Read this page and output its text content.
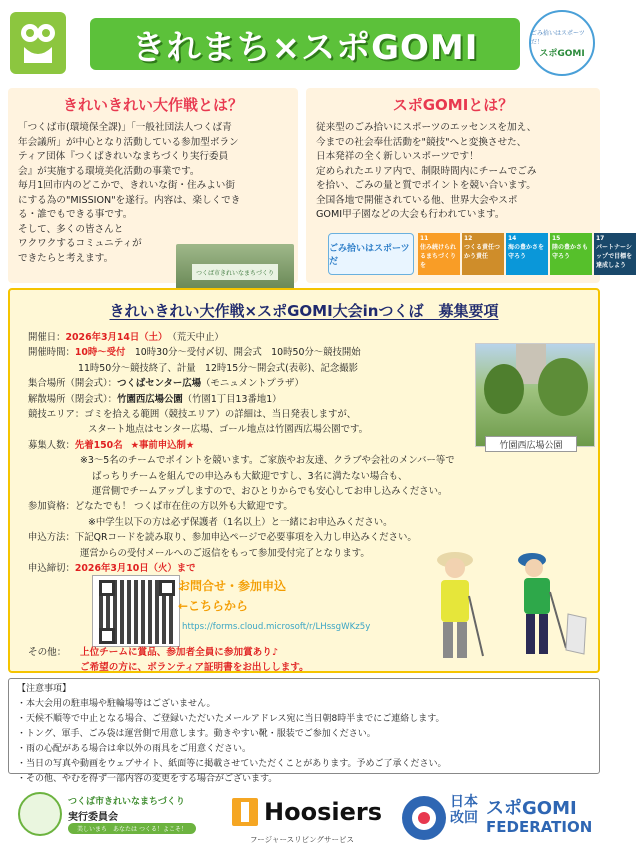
きれまち×スポGOMI	ごみ拾いはスポーツだ！
スポGOMI
きれいきれい大作戦とは？

「つくば市(環境保全課)」「一般社団法人つくば青
年会議所」が中心となり活動している参加型ボラン
ティア団体『つくばきれいなまちづくり実行委員
会』が実施する環境美化活動の事業です。
毎月1回市内のどこかで、きれいな街・住みよい街
にする為の"MISSION"を遂行。内容は、楽しくでき
る・誰でもできる事です。
そして、多くの皆さんと
ワクワクするコミュニティが
できたらと考えます。

つくば市きれいなまちづくり
スポGOMIとは？

従来型のごみ拾いにスポーツのエッセンスを加え、
今までの社会奉仕活動を"競技"へと変換させた、
日本発祥の全く新しいスポーツです！
定められたエリア内で、制限時間内にチームでごみ
を拾い、ごみの量と質でポイントを競い合います。
全国各地で開催されている他、世界大会やスポ
GOMI甲子園などの大会も行われています。

ごみ拾いはスポーツだ
11
住み続けられるまちづくりを
12
つくる責任つかう責任
14
海の豊かさを守ろう
15
陸の豊かさも守ろう
17
パートナーシップで目標を達成しよう
きれいきれい大作戦×スポGOMI大会inつくば　募集要項
竹園西広場公園
開催日： 2026年3月14日（土） （荒天中止）
開催時間： 10時～受付 　10時30分～受付〆切、開会式　10時50分～競技開始
11時50分～競技終了、計量　12時15分～開会式(表彰)、記念撮影
集合場所（開会式）： つくばセンター広場 （モニュメントプラザ）
解散場所（閉会式）： 竹園西広場公園 （竹園1丁目13番地1）
競技エリア： ゴミを拾える範囲（競技エリア）の詳細は、当日発表しますが、
スタート地点はセンター広場、ゴール地点は竹園西広場公園です。
募集人数： 先着150名 ★事前申込制★
※3～5名のチームでポイントを競います。ご家族やお友達、クラブや会社のメンバー等で
ばっちりチームを組んでの申込みも大歓迎ですし、3名に満たない場合も、
運営側でチームアップしますので、おひとりからでも安心してお申し込みください。
参加資格： どなたでも！ つくば市在住の方以外も大歓迎です。
※中学生以下の方は必ず保護者（1名以上）と一緒にお申込みください。
申込方法： 下記QRコードを読み取り、参加申込ページで必要事項を入力し申込みください。
運営からの受付メールへのご返信をもって参加受付完了となります。
申込締切： 2026年3月10日（火）まで
お問合せ・参加申込
←こちらから
https://forms.cloud.microsoft/r/LHssgWKz5y
その他：	上位チームに賞品、参加者全員に参加賞あり♪
ご希望の方に、ボランティア証明書をお出しします。
【注意事項】
・本大会用の駐車場や駐輪場等はございません。
・天候不順等で中止となる場合、ご登録いただいたメールアドレス宛に当日朝8時半までにご連絡します。
・トング、軍手、ごみ袋は運営側で用意します。動きやすい靴・服装でご参加ください。
・雨の心配がある場合は傘以外の雨具をご用意ください。
・当日の写真や動画をウェブサイト、紙面等に掲載させていただくことがあります。予めご了承ください。
・その他、やむを得ず一部内容の変更をする場合がございます。
つくば市きれいなまちづくり
実行委員会
美しいまち　あなたは つくる！よこそ！
Hoosiers
フージャースリビングサービス
日本
改回 スポGOMI
FEDERATION
